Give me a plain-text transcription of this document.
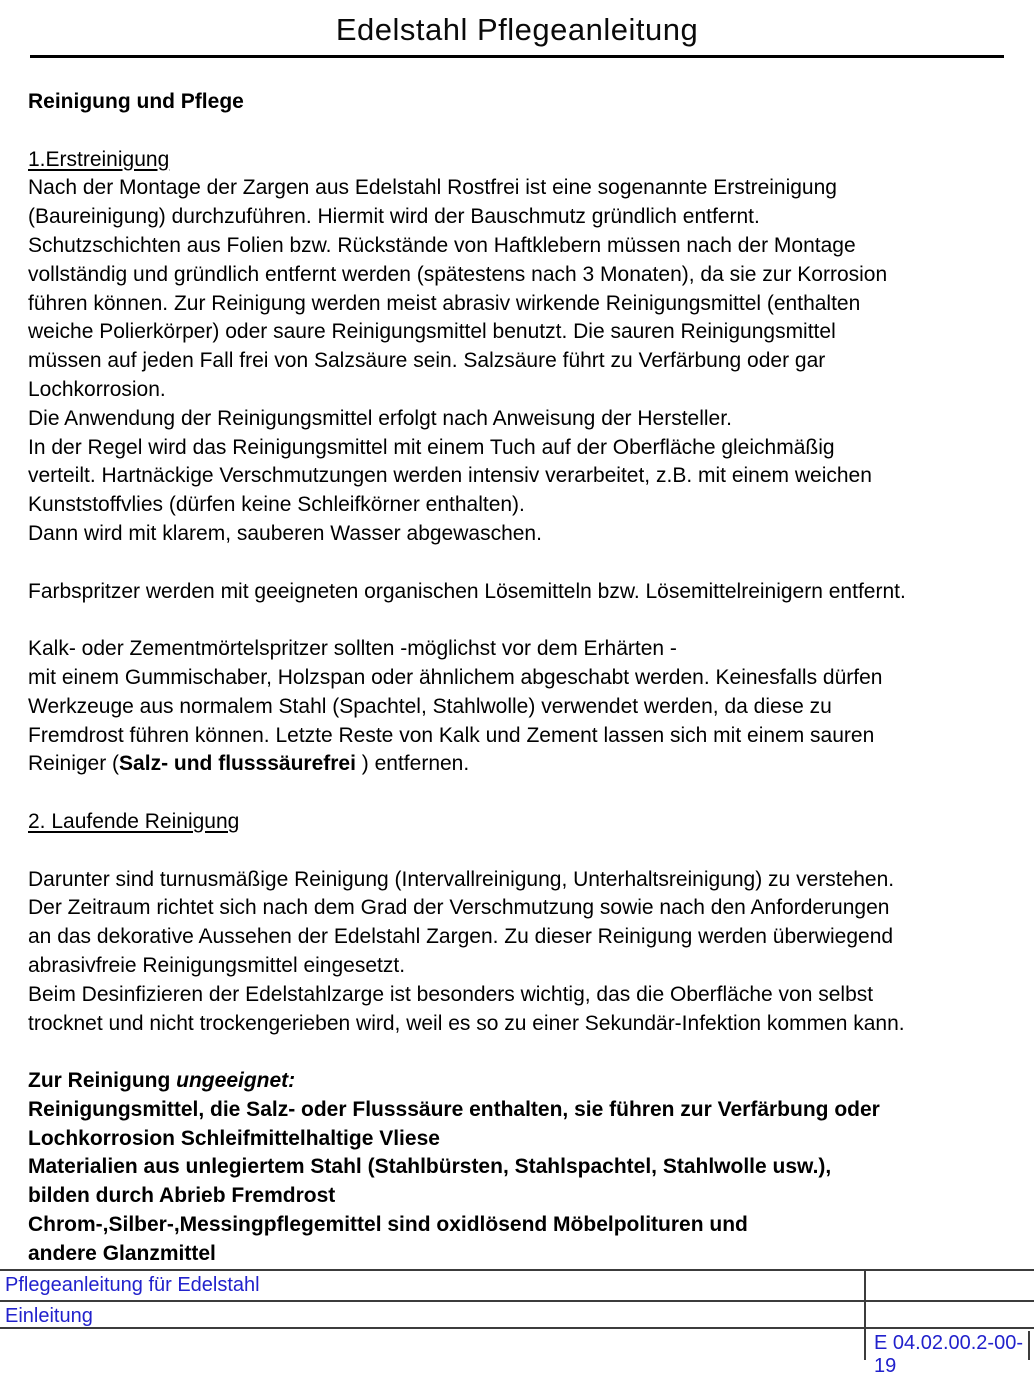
Edelstahl Pflegeanleitung
Reinigung und Pflege

1.Erstreinigung
Nach der Montage der Zargen aus Edelstahl Rostfrei ist eine sogenannte Erstreinigung
(Baureinigung) durchzuführen. Hiermit wird der Bauschmutz gründlich entfernt.
Schutzschichten aus Folien bzw. Rückstände von Haftklebern müssen nach der Montage
vollständig und gründlich entfernt werden (spätestens nach 3 Monaten), da sie zur Korrosion
führen können. Zur Reinigung werden meist abrasiv wirkende Reinigungsmittel (enthalten
weiche Polierkörper) oder saure Reinigungsmittel benutzt. Die sauren Reinigungsmittel
müssen auf jeden Fall frei von Salzsäure sein. Salzsäure führt zu Verfärbung oder gar
Lochkorrosion.
Die Anwendung der Reinigungsmittel erfolgt nach Anweisung der Hersteller.
In der Regel wird das Reinigungsmittel mit einem Tuch auf der Oberfläche gleichmäßig
verteilt. Hartnäckige Verschmutzungen werden intensiv verarbeitet, z.B. mit einem weichen
Kunststoffvlies (dürfen keine Schleifkörner enthalten).
Dann wird mit klarem, sauberen Wasser abgewaschen.

Farbspritzer werden mit geeigneten organischen Lösemitteln bzw. Lösemittelreinigern entfernt.

Kalk- oder Zementmörtelspritzer sollten -möglichst vor dem Erhärten -
mit einem Gummischaber, Holzspan oder ähnlichem abgeschabt werden. Keinesfalls dürfen
Werkzeuge aus normalem Stahl (Spachtel, Stahlwolle) verwendet werden, da diese zu
Fremdrost führen können. Letzte Reste von Kalk und Zement lassen sich mit einem sauren
Reiniger (Salz- und flusssäurefrei ) entfernen.

2. Laufende Reinigung

Darunter sind turnusmäßige Reinigung (Intervallreinigung, Unterhaltsreinigung) zu verstehen.
Der Zeitraum richtet sich nach dem Grad der Verschmutzung sowie nach den Anforderungen
an das dekorative Aussehen der Edelstahl Zargen. Zu dieser Reinigung werden überwiegend
abrasivfreie Reinigungsmittel eingesetzt.
Beim Desinfizieren der Edelstahlzarge ist besonders wichtig, das die Oberfläche von selbst
trocknet und nicht trockengerieben wird, weil es so zu einer Sekundär-Infektion kommen kann.

Zur Reinigung ungeeignet:
Reinigungsmittel, die Salz- oder Flusssäure enthalten, sie führen zur Verfärbung oder
Lochkorrosion Schleifmittelhaltige Vliese
Materialien aus unlegiertem Stahl (Stahlbürsten, Stahlspachtel, Stahlwolle usw.),
bilden durch Abrieb Fremdrost
Chrom-,Silber-,Messingpflegemittel sind oxidlösend Möbelpolituren und
andere Glanzmittel
Pflegeanleitung für Edelstahl
Einleitung
E 04.02.00.2-00-19
